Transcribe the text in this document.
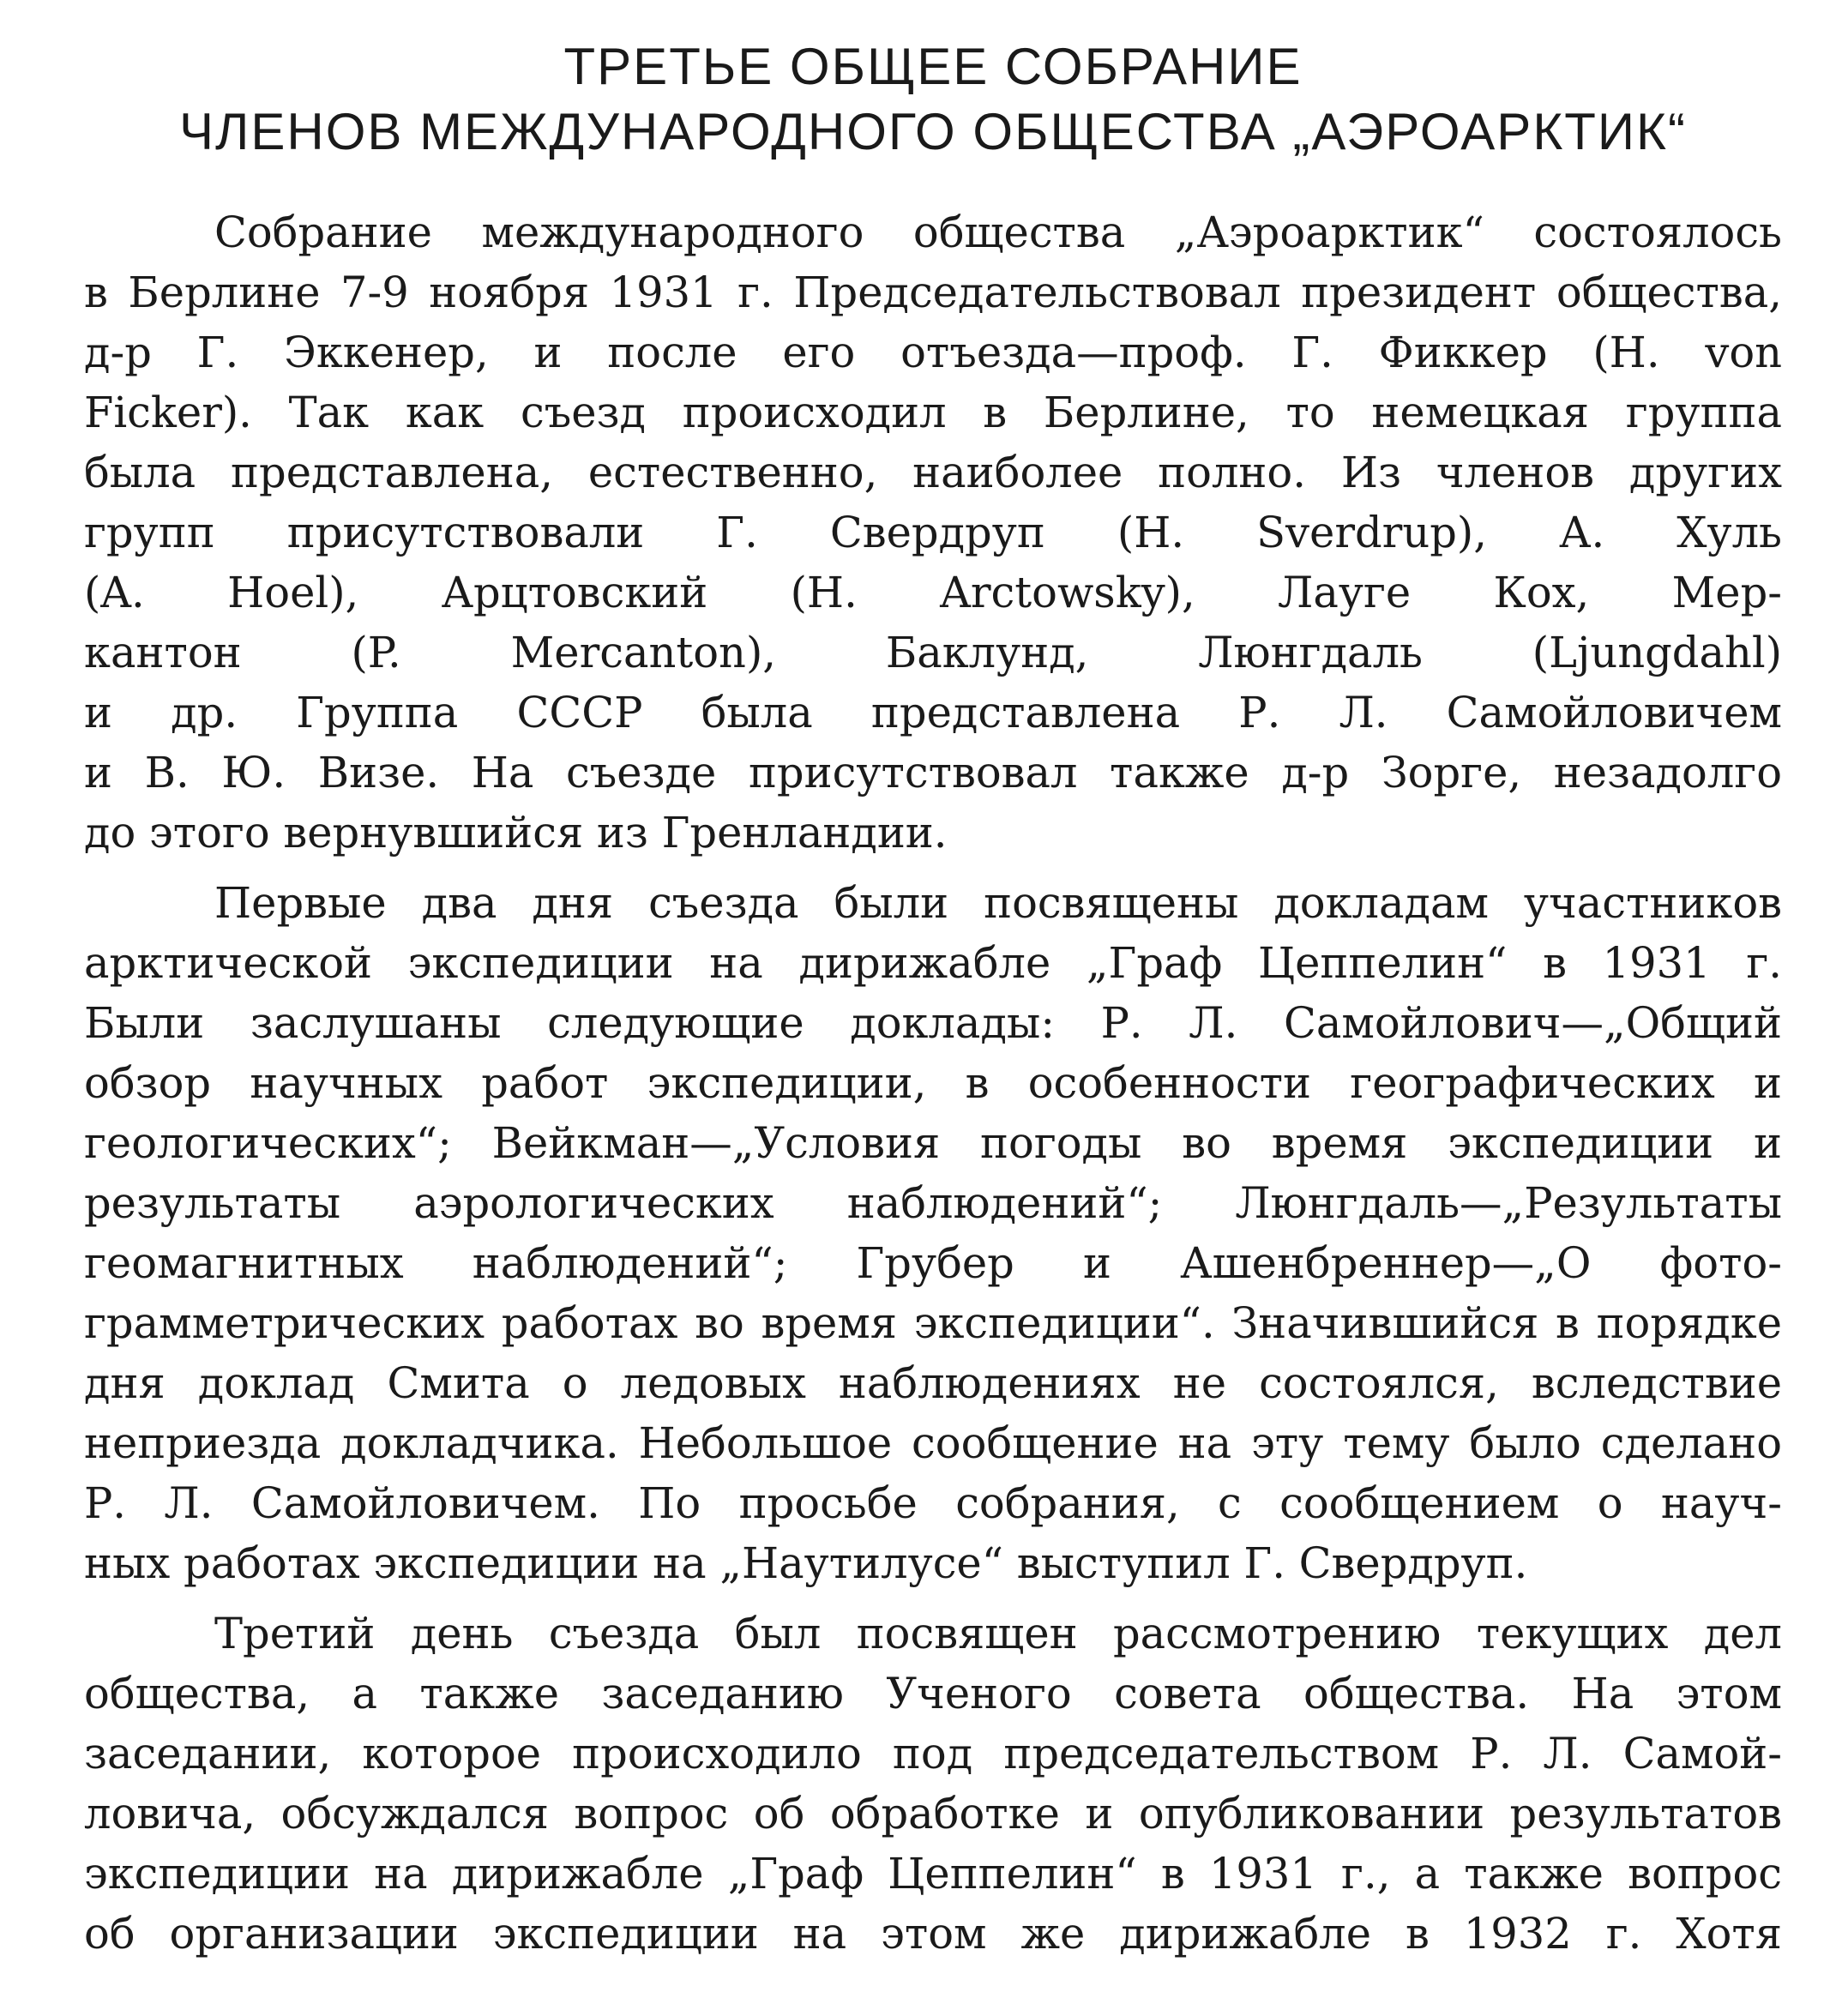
ТРЕТЬЕ ОБЩЕЕ СОБРАНИЕ
ЧЛЕНОВ МЕЖДУНАРОДНОГО ОБЩЕСТВА „АЭРОАРКТИК“

Собрание международного общества „Аэроарктик“ состоялось
в Берлине 7-9 ноября 1931 г. Председательствовал президент общества,
д-р Г. Эккенер, и после его отъезда—проф. Г. Фиккер (H. von
Ficker). Так как съезд происходил в Берлине, то немецкая группа
была представлена, естественно, наиболее полно. Из членов других
групп присутствовали Г. Свердруп (H. Sverdrup), А. Хуль
(A. Hoel), Арцтовский (H. Arctowsky), Лауге Кох, Мер-
кантон (P. Mercanton), Баклунд, Люнгдаль (Ljungdahl)
и др. Группа СССР была представлена Р. Л. Самойловичем
и В. Ю. Визе. На съезде присутствовал также д-р Зорге, незадолго
до этого вернувшийся из Гренландии.

Первые два дня съезда были посвящены докладам участников
арктической экспедиции на дирижабле „Граф Цеппелин“ в 1931 г.
Были заслушаны следующие доклады: Р. Л. Самойлович—„Общий
обзор научных работ экспедиции, в особенности географических и
геологических“; Вейкман—„Условия погоды во время экспедиции и
результаты аэрологических наблюдений“; Люнгдаль—„Результаты
геомагнитных наблюдений“; Грубер и Ашенбреннер—„О фото-
грамметрических работах во время экспедиции“. Значившийся в порядке
дня доклад Смита о ледовых наблюдениях не состоялся, вследствие
неприезда докладчика. Небольшое сообщение на эту тему было сделано
Р. Л. Самойловичем. По просьбе собрания, с сообщением о науч-
ных работах экспедиции на „Наутилусе“ выступил Г. Свердруп.

Третий день съезда был посвящен рассмотрению текущих дел
общества, а также заседанию Ученого совета общества. На этом
заседании, которое происходило под председательством Р. Л. Самой-
ловича, обсуждался вопрос об обработке и опубликовании результатов
экспедиции на дирижабле „Граф Цеппелин“ в 1931 г., а также вопрос
об организации экспедиции на этом же дирижабле в 1932 г. Хотя
